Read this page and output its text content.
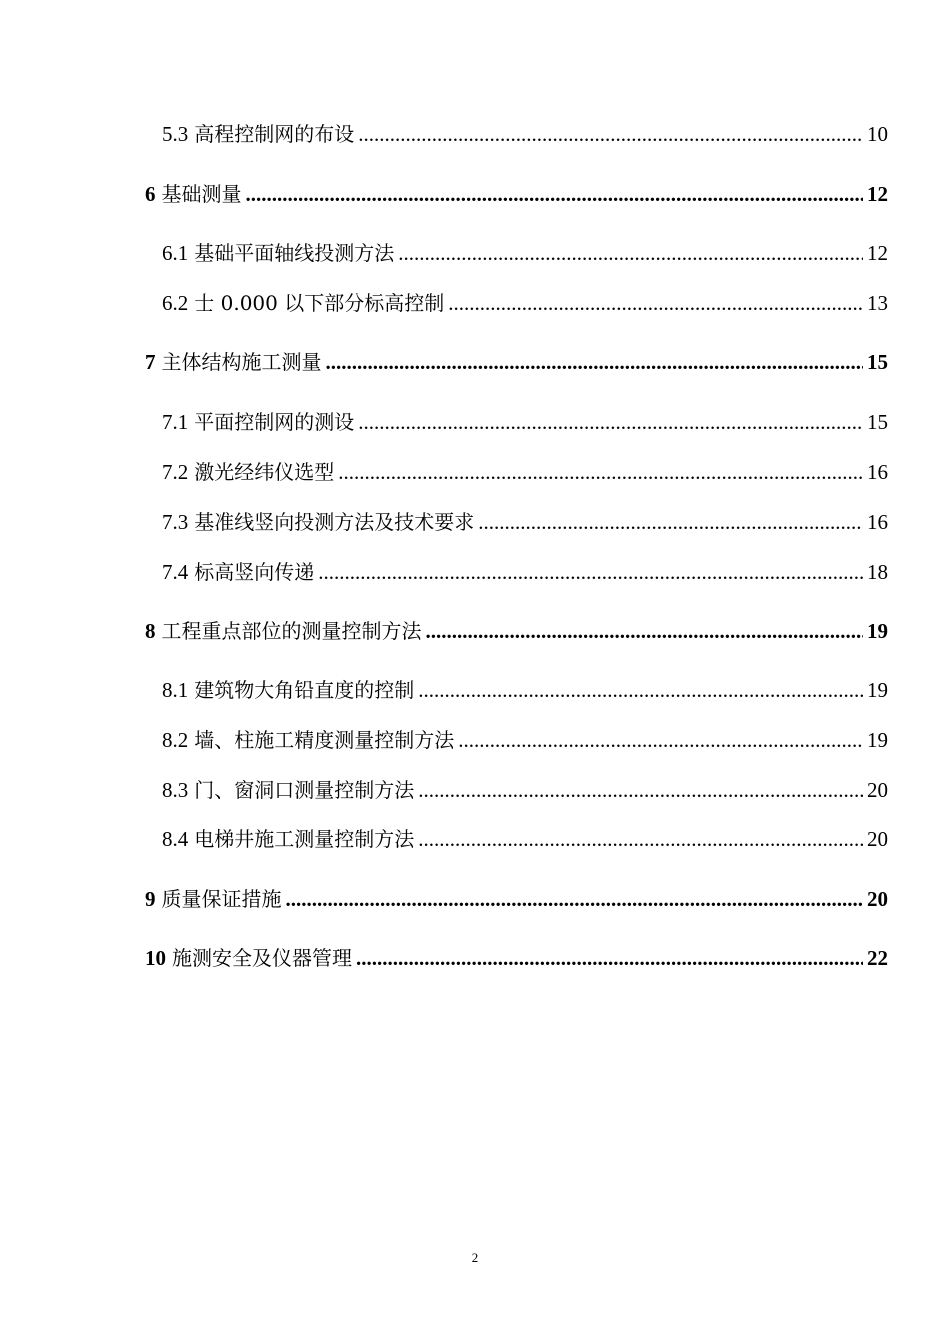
5.3 高程控制网的布设 .....	10
6 基础测量 .....	12
6.1 基础平面轴线投测方法 .....	12
6.2 士 0.000 以下部分标高控制 .....	13
7 主体结构施工测量 .....	15
7.1 平面控制网的测设 .....	15
7.2 激光经纬仪选型 .....	16
7.3 基准线竖向投测方法及技术要求 .....	16
7.4 标高竖向传递 .....	18
8 工程重点部位的测量控制方法 .....	19
8.1 建筑物大角铅直度的控制 .....	19
8.2 墙、柱施工精度测量控制方法 .....	19
8.3 门、窗洞口测量控制方法 .....	20
8.4 电梯井施工测量控制方法 .....	20
9 质量保证措施 .....	20
10 施测安全及仪器管理 .....	22
2
